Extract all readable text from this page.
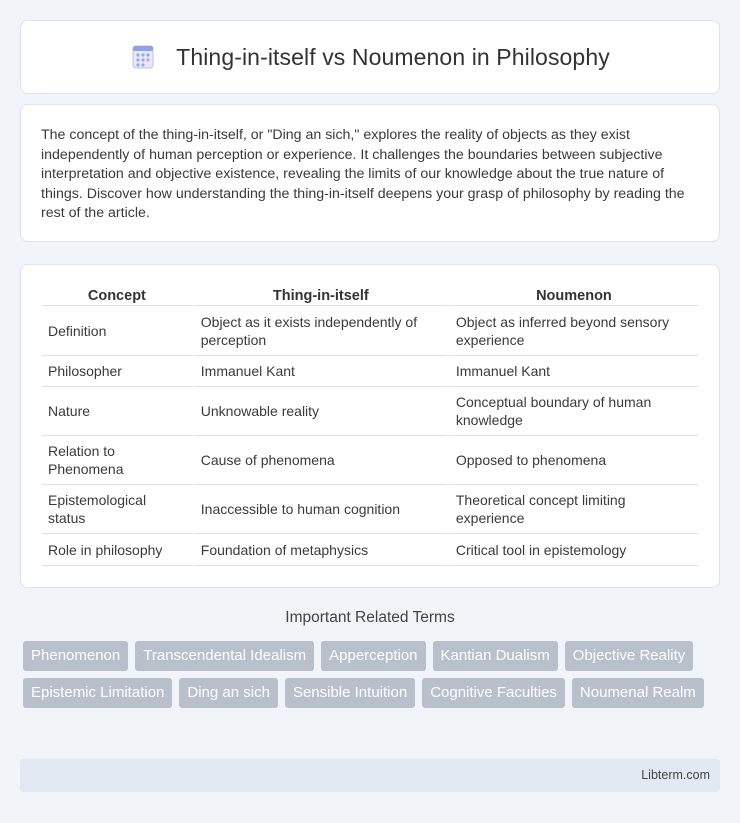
Thing-in-itself vs Noumenon in Philosophy

The concept of the thing-in-itself, or "Ding an sich," explores the reality of objects as they exist independently of human perception or experience. It challenges the boundaries between subjective interpretation and objective existence, revealing the limits of our knowledge about the true nature of things. Discover how understanding the thing-in-itself deepens your grasp of philosophy by reading the rest of the article.

Concept	Thing-in-itself	Noumenon
Definition	Object as it exists independently of perception	Object as inferred beyond sensory experience
Philosopher	Immanuel Kant	Immanuel Kant
Nature	Unknowable reality	Conceptual boundary of human knowledge
Relation to Phenomena	Cause of phenomena	Opposed to phenomena
Epistemological status	Inaccessible to human cognition	Theoretical concept limiting experience
Role in philosophy	Foundation of metaphysics	Critical tool in epistemology
Important Related Terms
Phenomenon	Transcendental Idealism	Apperception	Kantian Dualism	Objective Reality
Epistemic Limitation	Ding an sich	Sensible Intuition	Cognitive Faculties	Noumenal Realm
Libterm.com
